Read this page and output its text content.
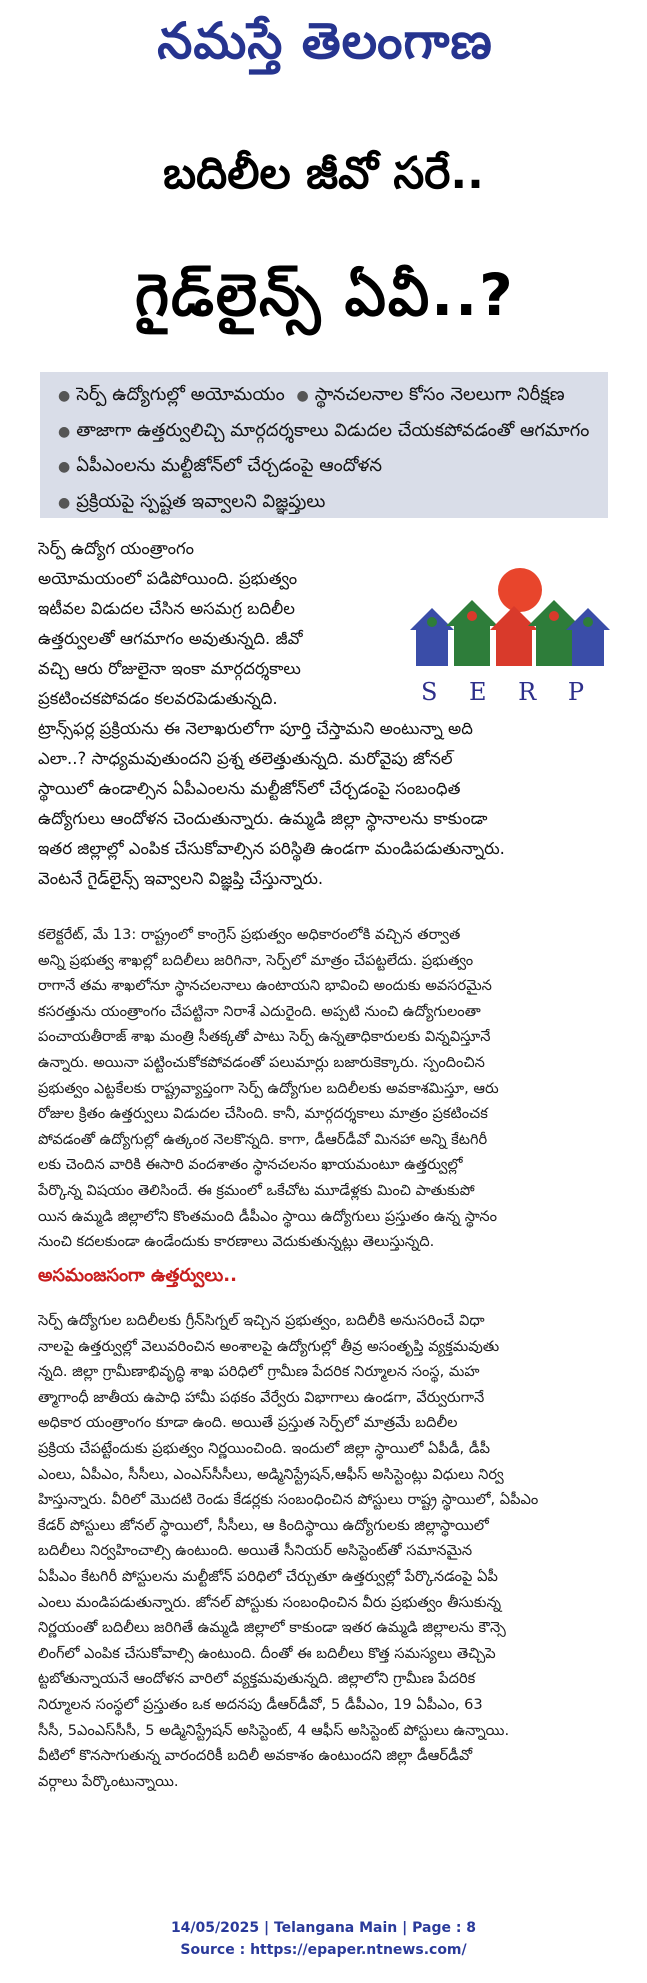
నమస్తే తెలంగాణ
బదిలీల జీవో సరే..
గైడ్‌లైన్స్ ఏవీ..?
● సెర్ప్ ఉద్యోగుల్లో అయోమయం ● స్థానచలనాల కోసం నెలలుగా నిరీక్షణ
● తాజాగా ఉత్తర్వులిచ్చి మార్గదర్శకాలు విడుదల చేయకపోవడంతో ఆగమాగం
● ఏపీఎంలను మల్టీజోన్‌లో చేర్చడంపై ఆందోళన
● ప్రక్రియపై స్పష్టత ఇవ్వాలని విజ్ఞప్తులు
S E R P
సెర్ప్ ఉద్యోగ యంత్రాంగం
అయోమయంలో పడిపోయింది. ప్రభుత్వం
ఇటీవల విడుదల చేసిన అసమగ్ర బదిలీల
ఉత్తర్వులతో ఆగమాగం అవుతున్నది. జీవో
వచ్చి ఆరు రోజులైనా ఇంకా మార్గదర్శకాలు
ప్రకటించకపోవడం కలవరపెడుతున్నది.
ట్రాన్స్‌ఫర్ల ప్రక్రియను ఈ నెలాఖరులోగా పూర్తి చేస్తామని అంటున్నా అది
ఎలా..? సాధ్యమవుతుందని ప్రశ్న తలెత్తుతున్నది. మరోవైపు జోనల్
స్థాయిలో ఉండాల్సిన ఏపీఎంలను మల్టీజోన్‌లో చేర్చడంపై సంబంధిత
ఉద్యోగులు ఆందోళన చెందుతున్నారు. ఉమ్మడి జిల్లా స్థానాలను కాకుండా
ఇతర జిల్లాల్లో ఎంపిక చేసుకోవాల్సిన పరిస్థితి ఉండగా మండిపడుతున్నారు.
వెంటనే గైడ్‌లైన్స్ ఇవ్వాలని విజ్ఞప్తి చేస్తున్నారు.
కలెక్టరేట్, మే 13: రాష్ట్రంలో కాంగ్రెస్ ప్రభుత్వం అధికారంలోకి వచ్చిన తర్వాత
అన్ని ప్రభుత్వ శాఖల్లో బదిలీలు జరిగినా, సెర్ప్‌లో మాత్రం చేపట్టలేదు. ప్రభుత్వం
రాగానే తమ శాఖలోనూ స్థానచలనాలు ఉంటాయని భావించి అందుకు అవసరమైన
కసరత్తును యంత్రాంగం చేపట్టినా నిరాశే ఎదురైంది. అప్పటి నుంచి ఉద్యోగులంతా
పంచాయతీరాజ్ శాఖ మంత్రి సీతక్కతో పాటు సెర్ప్ ఉన్నతాధికారులకు విన్నవిస్తూనే
ఉన్నారు. అయినా పట్టించుకోకపోవడంతో పలుమార్లు బజారుకెక్కారు. స్పందించిన
ప్రభుత్వం ఎట్టకేలకు రాష్ట్రవ్యాప్తంగా సెర్ప్ ఉద్యోగుల బదిలీలకు అవకాశమిస్తూ, ఆరు
రోజుల క్రితం ఉత్తర్వులు విడుదల చేసింది. కానీ, మార్గదర్శకాలు మాత్రం ప్రకటించక
పోవడంతో ఉద్యోగుల్లో ఉత్కంఠ నెలకొన్నది. కాగా, డీఆర్‌డీవో మినహా అన్ని కేటగిరీ
లకు చెందిన వారికి ఈసారి వందశాతం స్థానచలనం ఖాయమంటూ ఉత్తర్వుల్లో
పేర్కొన్న విషయం తెలిసిందే. ఈ క్రమంలో ఒకేచోట మూడేళ్లకు మించి పాతుకుపో
యిన ఉమ్మడి జిల్లాలోని కొంతమంది డీపీఎం స్థాయి ఉద్యోగులు ప్రస్తుతం ఉన్న స్థానం
నుంచి కదలకుండా ఉండేందుకు కారణాలు వెదుకుతున్నట్లు తెలుస్తున్నది.
అసమంజసంగా ఉత్తర్వులు..
సెర్ప్ ఉద్యోగుల బదిలీలకు గ్రీన్‌సిగ్నల్ ఇచ్చిన ప్రభుత్వం, బదిలీకి అనుసరించే విధా
నాలపై ఉత్తర్వుల్లో వెలువరించిన అంశాలపై ఉద్యోగుల్లో తీవ్ర అసంతృప్తి వ్యక్తమవుతు
న్నది. జిల్లా గ్రామీణాభివృద్ధి శాఖ పరిధిలో గ్రామీణ పేదరిక నిర్మూలన సంస్థ, మహ
త్మాగాంధీ జాతీయ ఉపాధి హామీ పథకం వేర్వేరు విభాగాలు ఉండగా, వేర్వురుగానే
అధికార యంత్రాంగం కూడా ఉంది. అయితే ప్రస్తుత సెర్ప్‌లో మాత్రమే బదిలీల
ప్రక్రియ చేపట్టేందుకు ప్రభుత్వం నిర్ణయించింది. ఇందులో జిల్లా స్థాయిలో ఏపీడీ, డీపీ
ఎంలు, ఏపీఎం, సీసీలు, ఎంఎస్‌సీసీలు, అడ్మినిస్ట్రేషన్,ఆఫీస్ అసిస్టెంట్లు విధులు నిర్వ
హిస్తున్నారు. వీరిలో మొదటి రెండు కేడర్లకు సంబంధించిన పోస్టులు రాష్ట్ర స్థాయిలో, ఏపీఎం
కేడర్ పోస్టులు జోనల్ స్థాయిలో, సీసీలు, ఆ కిందిస్థాయి ఉద్యోగులకు జిల్లాస్థాయిలో
బదిలీలు నిర్వహించాల్సి ఉంటుంది. అయితే సీనియర్ అసిస్టెంట్‌తో సమానమైన
ఏపీఎం కేటగిరీ పోస్టులను మల్టీజోన్ పరిధిలో చేర్చుతూ ఉత్తర్వుల్లో పేర్కొనడంపై ఏపీ
ఎంలు మండిపడుతున్నారు. జోనల్ పోస్టుకు సంబంధించిన వీరు ప్రభుత్వం తీసుకున్న
నిర్ణయంతో బదిలీలు జరిగితే ఉమ్మడి జిల్లాలో కాకుండా ఇతర ఉమ్మడి జిల్లాలను కౌన్సె
లింగ్‌లో ఎంపిక చేసుకోవాల్సి ఉంటుంది. దీంతో ఈ బదిలీలు కొత్త సమస్యలు తెచ్చిపె
ట్టబోతున్నాయనే ఆందోళన వారిలో వ్యక్తమవుతున్నది. జిల్లాలోని గ్రామీణ పేదరిక
నిర్మూలన సంస్థలో ప్రస్తుతం ఒక అదనపు డీఆర్‌డీవో, 5 డీపీఎం, 19 ఏపీఎం, 63
సీసీ, 5ఎంఎస్‌సీసీ, 5 అడ్మినిస్ట్రేషన్ అసిస్టెంట్, 4 ఆఫీస్ అసిస్టెంట్ పోస్టులు ఉన్నాయి.
వీటిలో కొనసాగుతున్న వారందరికీ బదిలీ అవకాశం ఉంటుందని జిల్లా డీఆర్‌డీవో
వర్గాలు పేర్కొంటున్నాయి.
14/05/2025 | Telangana Main | Page : 8
Source : https://epaper.ntnews.com/
